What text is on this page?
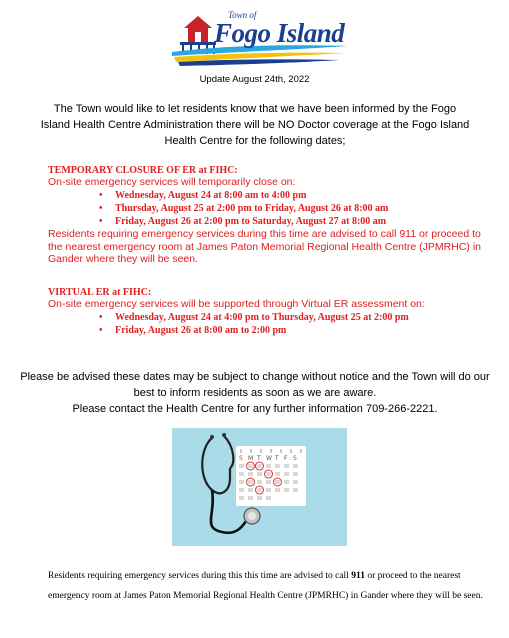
Town of
Fogo Island
Update August 24th, 2022
The Town would like to let residents know that we have been informed by the Fogo Island Health Centre Administration there will be NO Doctor coverage at the Fogo Island Health Centre for the following dates;
TEMPORARY CLOSURE OF ER at FIHC:
On-site emergency services will temporarily close on:
• Wednesday, August 24 at 8:00 am to 4:00 pm
• Thursday, August 25 at 2:00 pm to Friday, August 26 at 8:00 am
• Friday, August 26 at 2:00 pm to Saturday, August 27 at 8:00 am
Residents requiring emergency services during this time are advised to call 911 or proceed to the nearest emergency room at James Paton Memorial Regional Health Centre (JPMRHC) in Gander where they will be seen.
VIRTUAL ER at FIHC:
On-site emergency services will be supported through Virtual ER assessment on:
• Wednesday, August 24 at 4:00 pm to Thursday, August 25 at 2:00 pm
• Friday, August 26 at 8:00 am to 2:00 pm
Please be advised these dates may be subject to change without notice and the Town will do our best to inform residents as soon as we are aware.
Please contact the Health Centre for any further information 709-266-2221.
S M T W T F S
Residents requiring emergency services during this this time are advised to call 911 or proceed to the nearest emergency room at James Paton Memorial Regional Health Centre (JPMRHC) in Gander where they will be seen.
